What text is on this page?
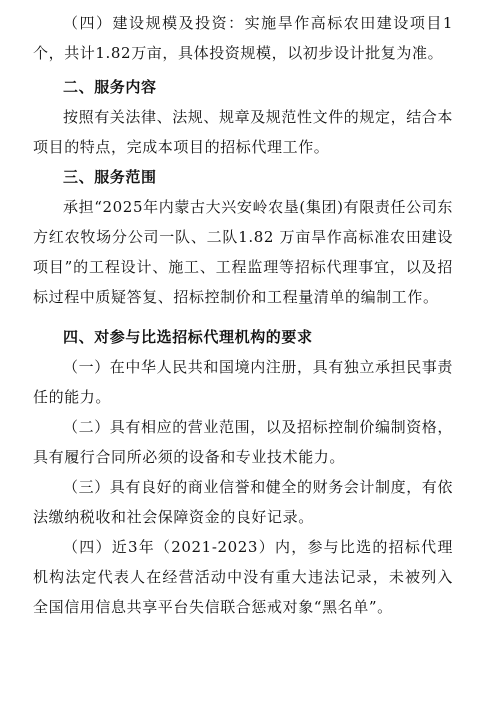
（四）建设规模及投资：实施旱作高标农田建设项目1个，共计1.82万亩，具体投资规模，以初步设计批复为准。

二、服务内容

按照有关法律、法规、规章及规范性文件的规定，结合本项目的特点，完成本项目的招标代理工作。

三、服务范围

承担“2025年内蒙古大兴安岭农垦(集团)有限责任公司东方红农牧场分公司一队、二队1.82 万亩旱作高标准农田建设项目”的工程设计、施工、工程监理等招标代理事宜，以及招标过程中质疑答复、招标控制价和工程量清单的编制工作。

四、对参与比选招标代理机构的要求

（一）在中华人民共和国境内注册，具有独立承担民事责任的能力。

（二）具有相应的营业范围，以及招标控制价编制资格，具有履行合同所必须的设备和专业技术能力。

（三）具有良好的商业信誉和健全的财务会计制度，有依法缴纳税收和社会保障资金的良好记录。

（四）近3年（2021-2023）内，参与比选的招标代理机构法定代表人在经营活动中没有重大违法记录，未被列入全国信用信息共享平台失信联合惩戒对象“黑名单”。
